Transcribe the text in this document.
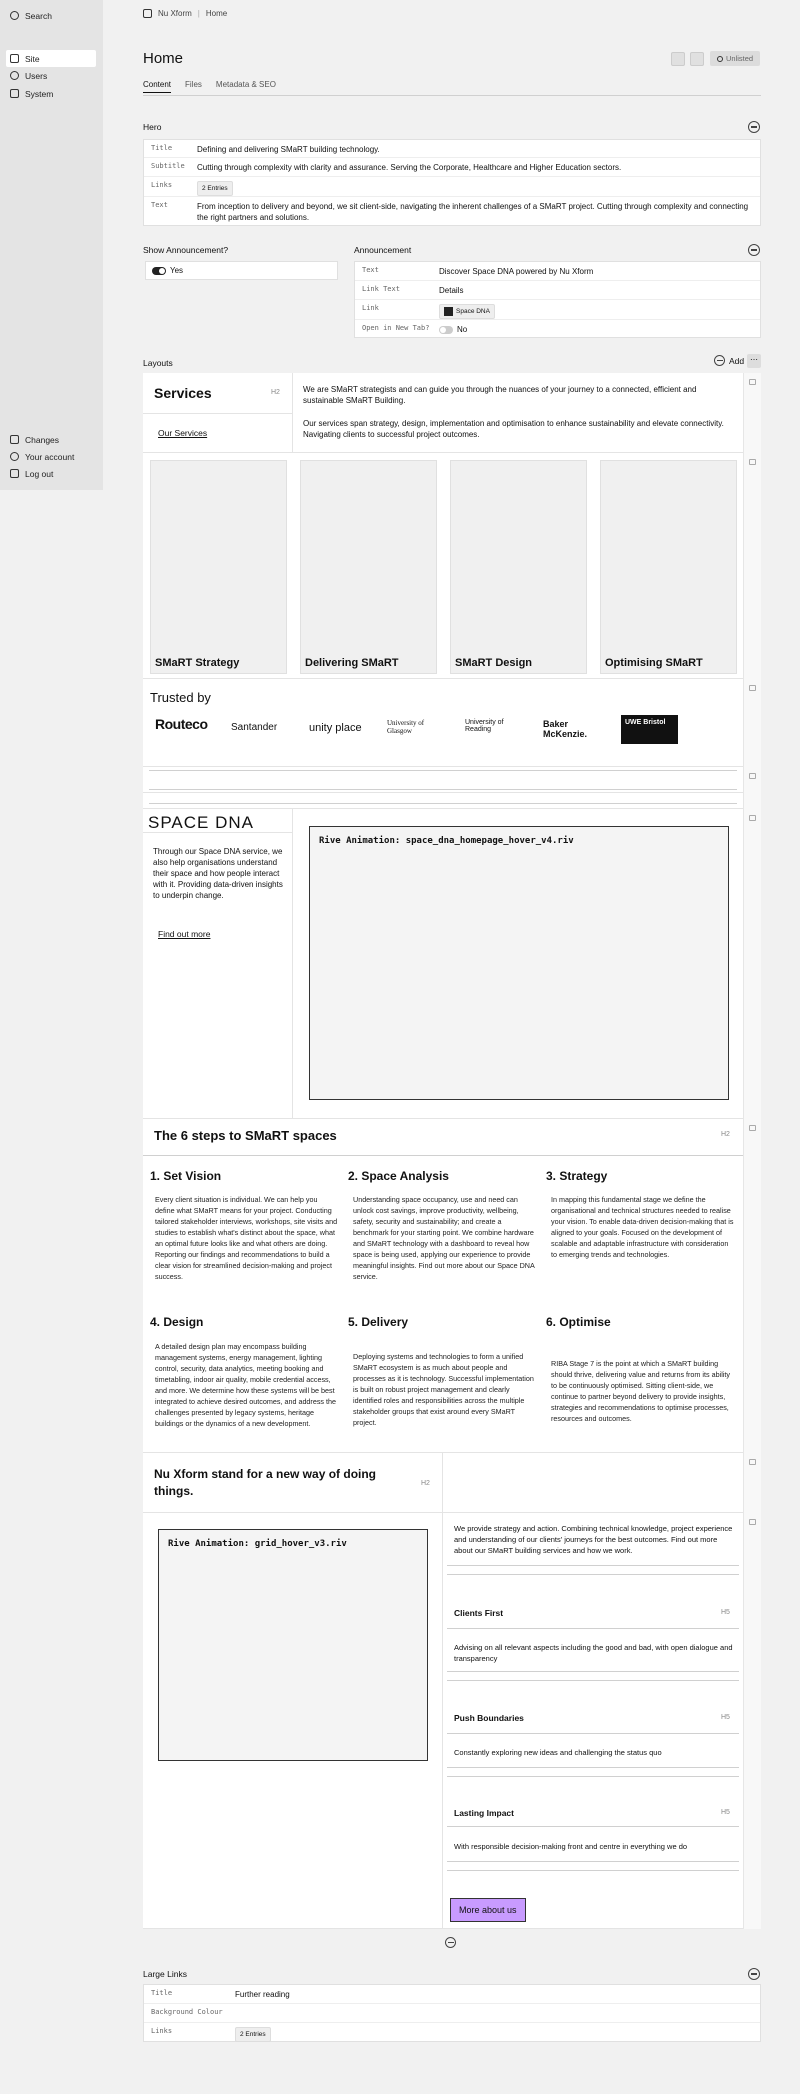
Search
Site
Users
System
Changes
Your account
Log out
Nu Xform | Home
Home	Unlisted
Content Files Metadata & SEO
Hero
Title	Defining and delivering SMaRT building technology.
Subtitle	Cutting through complexity with clarity and assurance. Serving the Corporate, Healthcare and Higher Education sectors.
Links	2 Entries
Text	From inception to delivery and beyond, we sit client-side, navigating the inherent challenges of a SMaRT project. Cutting through complexity and connecting the right partners and solutions.
Show Announcement?
Yes
Announcement
Text	Discover Space DNA powered by Nu Xform
Link Text	Details
Link	Space DNA
Open in New Tab?	No
Layouts	Add ⋯
Services	H2
Our Services
We are SMaRT strategists and can guide you through the nuances of your journey to a connected, efficient and sustainable SMaRT Building.
Our services span strategy, design, implementation and optimisation to enhance sustainability and elevate connectivity. Navigating clients to successful project outcomes.
SMaRT Strategy	Delivering SMaRT	SMaRT Design	Optimising SMaRT
Trusted by
Routeco Santander	unity place	University of Glasgow
University of Reading
Baker McKenzie.
UWE Bristol
SPACE DNA
Through our Space DNA service, we also help organisations understand their space and how people interact with it. Providing data-driven insights to underpin change.
Find out more
Rive Animation: space_dna_homepage_hover_v4.riv
The 6 steps to SMaRT spaces	H2
1. Set Vision
Every client situation is individual. We can help you define what SMaRT means for your project. Conducting tailored stakeholder interviews, workshops, site visits and studies to establish what's distinct about the space, what an optimal future looks like and what others are doing. Reporting our findings and recommendations to build a clear vision for streamlined decision-making and project success.
2. Space Analysis
Understanding space occupancy, use and need can unlock cost savings, improve productivity, wellbeing, safety, security and sustainability; and create a benchmark for your starting point. We combine hardware and SMaRT technology with a dashboard to reveal how space is being used, applying our experience to provide meaningful insights. Find out more about our Space DNA service.
3. Strategy
In mapping this fundamental stage we define the organisational and technical structures needed to realise your vision. To enable data-driven decision-making that is aligned to your goals. Focused on the development of scalable and adaptable infrastructure with consideration to emerging trends and technologies.
4. Design
A detailed design plan may encompass building management systems, energy management, lighting control, security, data analytics, meeting booking and timetabling, indoor air quality, mobile credential access, and more. We determine how these systems will be best integrated to achieve desired outcomes, and address the challenges presented by legacy systems, heritage buildings or the dynamics of a new development.
5. Delivery
Deploying systems and technologies to form a unified SMaRT ecosystem is as much about people and processes as it is technology. Successful implementation is built on robust project management and clearly identified roles and responsibilities across the multiple stakeholder groups that exist around every SMaRT project.
6. Optimise
RIBA Stage 7 is the point at which a SMaRT building should thrive, delivering value and returns from its ability to be continuously optimised. Sitting client-side, we continue to partner beyond delivery to provide insights, strategies and recommendations to optimise processes, resources and outcomes.
Nu Xform stand for a new way of doing things.
H2
Rive Animation: grid_hover_v3.riv
We provide strategy and action. Combining technical knowledge, project experience and understanding of our clients' journeys for the best outcomes. Find out more about our SMaRT building services and how we work.
Clients First	H5
Advising on all relevant aspects including the good and bad, with open dialogue and transparency
Push Boundaries	H5
Constantly exploring new ideas and challenging the status quo
Lasting Impact	H5
With responsible decision-making front and centre in everything we do
More about us
Large Links
Title	Further reading
Background Colour
Links	2 Entries
